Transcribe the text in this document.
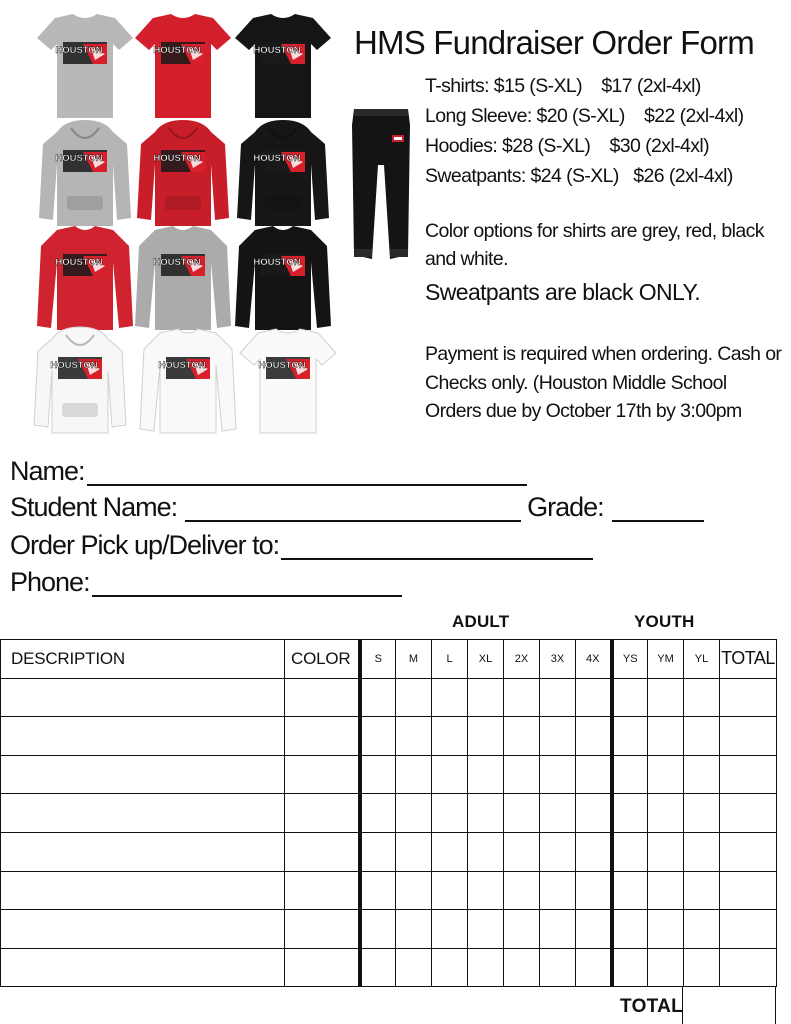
HOUSTON	HOUSTON	HOUSTON
HOUSTON	HOUSTON	HOUSTON
HOUSTON	HOUSTON	HOUSTON
HOUSTON	HOUSTON	HOUSTON
HMS Fundraiser Order Form
T-shirts: $15 (S-XL)    $17 (2xl-4xl)
Long Sleeve: $20 (S-XL)    $22 (2xl-4xl)
Hoodies: $28 (S-XL)    $30 (2xl-4xl)
Sweatpants: $24 (S-XL)   $26 (2xl-4xl)
Color options for shirts are grey, red, black and white.
Sweatpants are black ONLY.
Payment is required when ordering. Cash or Checks only. (Houston Middle School Orders due by October 17th by 3:00pm
Name:
Student Name:	Grade:
Order Pick up/Deliver to:
Phone:
ADULT	YOUTH
DESCRIPTION	COLOR	S	M	L	XL	2X	3X	4X	YS	YM	YL	TOTAL

TOTAL
